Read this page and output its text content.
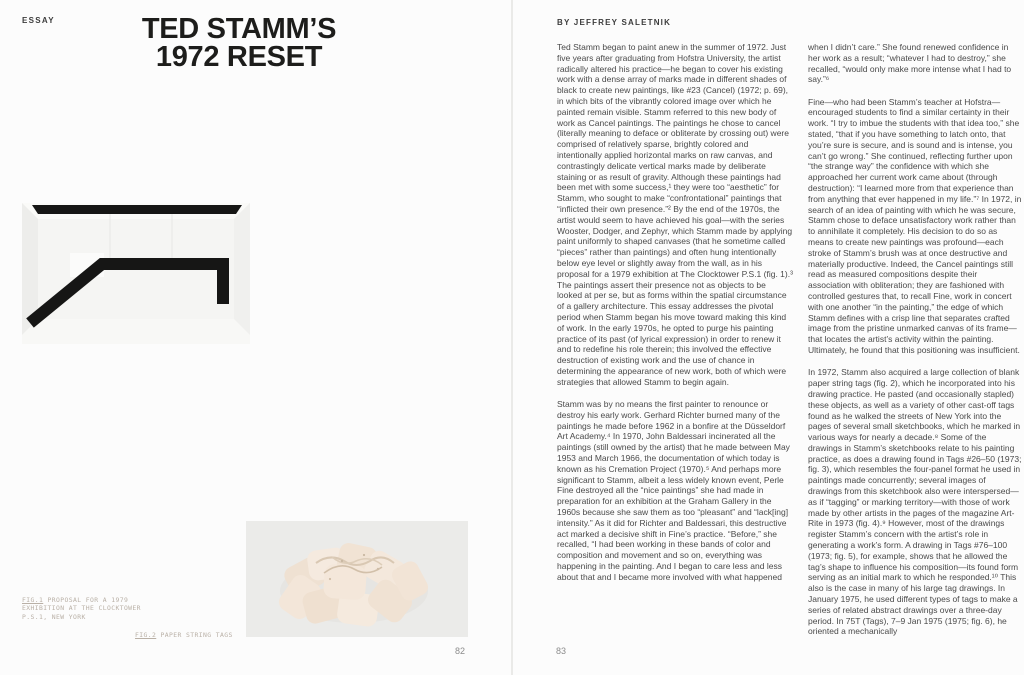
ESSAY	TED STAMM’S
1972 RESET
FIG.1 PROPOSAL FOR A 1979
EXHIBITION AT THE CLOCKTOWER
P.S.1, NEW YORK
FIG.2 PAPER STRING TAGS
82
BY JEFFREY SALETNIK

Ted Stamm began to paint anew in the summer of 1972. Just five years after graduating from Hofstra University, the artist radically altered his practice—he began to cover his existing work with a dense array of marks made in different shades of black to create new paintings, like #23 (Cancel) (1972; p. 69), in which bits of the vibrantly colored image over which he painted remain visible. Stamm referred to this new body of work as Cancel paintings. The paintings he chose to cancel (literally meaning to deface or obliterate by crossing out) were comprised of relatively sparse, brightly colored and intentionally applied horizontal marks on raw canvas, and contrastingly delicate vertical marks made by deliberate staining or as result of gravity. Although these paintings had been met with some success,¹ they were too “aesthetic” for Stamm, who sought to make “confrontational” paintings that “inflicted their own presence.”² By the end of the 1970s, the artist would seem to have achieved his goal—with the series Wooster, Dodger, and Zephyr, which Stamm made by applying paint uniformly to shaped canvases (that he sometime called “pieces” rather than paintings) and often hung intentionally below eye level or slightly away from the wall, as in his proposal for a 1979 exhibition at The Clocktower P.S.1 (fig. 1).³ The paintings assert their presence not as objects to be looked at per se, but as forms within the spatial circumstance of a gallery architecture. This essay addresses the pivotal period when Stamm began his move toward making this kind of work. In the early 1970s, he opted to purge his painting practice of its past (of lyrical expression) in order to renew it and to redefine his role therein; this involved the effective destruction of existing work and the use of chance in determining the appearance of new work, both of which were strategies that allowed Stamm to begin again.

Stamm was by no means the first painter to renounce or destroy his early work. Gerhard Richter burned many of the paintings he made before 1962 in a bonfire at the Düsseldorf Art Academy.⁴ In 1970, John Baldessari incinerated all the paintings (still owned by the artist) that he made between May 1953 and March 1966, the documentation of which today is known as his Cremation Project (1970).⁵ And perhaps more significant to Stamm, albeit a less widely known event, Perle Fine destroyed all the “nice paintings” she had made in preparation for an exhibition at the Graham Gallery in the 1960s because she saw them as too “pleasant” and “lack[ing] intensity.” As it did for Richter and Baldessari, this destructive act marked a decisive shift in Fine’s practice. “Before,” she recalled, “I had been working in these bands of color and composition and movement and so on, everything was happening in the painting. And I began to care less and less about that and I became more involved with what happened

when I didn’t care.” She found renewed confidence in her work as a result; “whatever I had to destroy,” she recalled, “would only make more intense what I had to say.”⁶

Fine—who had been Stamm’s teacher at Hofstra—encouraged students to find a similar certainty in their work. “I try to imbue the students with that idea too,” she stated, “that if you have something to latch onto, that you’re sure is secure, and is sound and is intense, you can’t go wrong.” She continued, reflecting further upon “the strange way” the confidence with which she approached her current work came about (through destruction): “I learned more from that experience than from anything that ever happened in my life.”⁷ In 1972, in search of an idea of painting with which he was secure, Stamm chose to deface unsatisfactory work rather than to annihilate it completely. His decision to do so as means to create new paintings was profound—each stroke of Stamm’s brush was at once destructive and materially productive. Indeed, the Cancel paintings still read as measured compositions despite their association with obliteration; they are fashioned with controlled gestures that, to recall Fine, work in concert with one another “in the painting,” the edge of which Stamm defines with a crisp line that separates crafted image from the pristine unmarked canvas of its frame—that locates the artist’s activity within the painting. Ultimately, he found that this positioning was insufficient.

In 1972, Stamm also acquired a large collection of blank paper string tags (fig. 2), which he incorporated into his drawing practice. He pasted (and occasionally stapled) these objects, as well as a variety of other cast-off tags found as he walked the streets of New York into the pages of several small sketchbooks, which he marked in various ways for nearly a decade.⁸ Some of the drawings in Stamm’s sketchbooks relate to his painting practice, as does a drawing found in Tags #26–50 (1973; fig. 3), which resembles the four-panel format he used in paintings made concurrently; several images of drawings from this sketchbook also were interspersed—as if “tagging” or marking territory—with those of work made by other artists in the pages of the magazine Art-Rite in 1973 (fig. 4).⁹ However, most of the drawings register Stamm’s concern with the artist’s role in generating a work’s form. A drawing in Tags #76–100 (1973; fig. 5), for example, shows that he allowed the tag’s shape to influence his composition—its found form serving as an initial mark to which he responded.¹⁰ This also is the case in many of his large tag drawings. In January 1975, he used different types of tags to make a series of related abstract drawings over a three-day period. In 75T (Tags), 7–9 Jan 1975 (1975; fig. 6), he oriented a mechanically

83
